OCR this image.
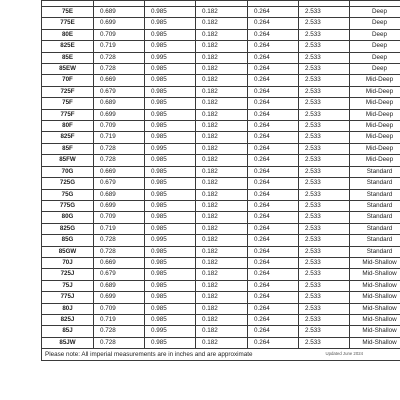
75E	0.689	0.985	0.182	0.264	2.533	Deep
775E	0.699	0.985	0.182	0.264	2.533	Deep
80E	0.709	0.985	0.182	0.264	2.533	Deep
825E	0.719	0.985	0.182	0.264	2.533	Deep
85E	0.728	0.995	0.182	0.264	2.533	Deep
85EW	0.728	0.985	0.182	0.264	2.533	Deep
70F	0.669	0.985	0.182	0.264	2.533	Mid-Deep
725F	0.679	0.985	0.182	0.264	2.533	Mid-Deep
75F	0.689	0.985	0.182	0.264	2.533	Mid-Deep
775F	0.699	0.985	0.182	0.264	2.533	Mid-Deep
80F	0.709	0.985	0.182	0.264	2.533	Mid-Deep
825F	0.719	0.985	0.182	0.264	2.533	Mid-Deep
85F	0.728	0.995	0.182	0.264	2.533	Mid-Deep
85FW	0.728	0.985	0.182	0.264	2.533	Mid-Deep
70G	0.669	0.985	0.182	0.264	2.533	Standard
725G	0.679	0.985	0.182	0.264	2.533	Standard
75G	0.689	0.985	0.182	0.264	2.533	Standard
775G	0.699	0.985	0.182	0.264	2.533	Standard
80G	0.709	0.985	0.182	0.264	2.533	Standard
825G	0.719	0.985	0.182	0.264	2.533	Standard
85G	0.728	0.995	0.182	0.264	2.533	Standard
85GW	0.728	0.985	0.182	0.264	2.533	Standard
70J	0.669	0.985	0.182	0.264	2.533	Mid-Shallow
725J	0.679	0.985	0.182	0.264	2.533	Mid-Shallow
75J	0.689	0.985	0.182	0.264	2.533	Mid-Shallow
775J	0.699	0.985	0.182	0.264	2.533	Mid-Shallow
80J	0.709	0.985	0.182	0.264	2.533	Mid-Shallow
825J	0.719	0.985	0.182	0.264	2.533	Mid-Shallow
85J	0.728	0.995	0.182	0.264	2.533	Mid-Shallow
85JW	0.728	0.985	0.182	0.264	2.533	Mid-Shallow
Please note: All imperial measurements are in inches and are approximate							Updated June 2024
